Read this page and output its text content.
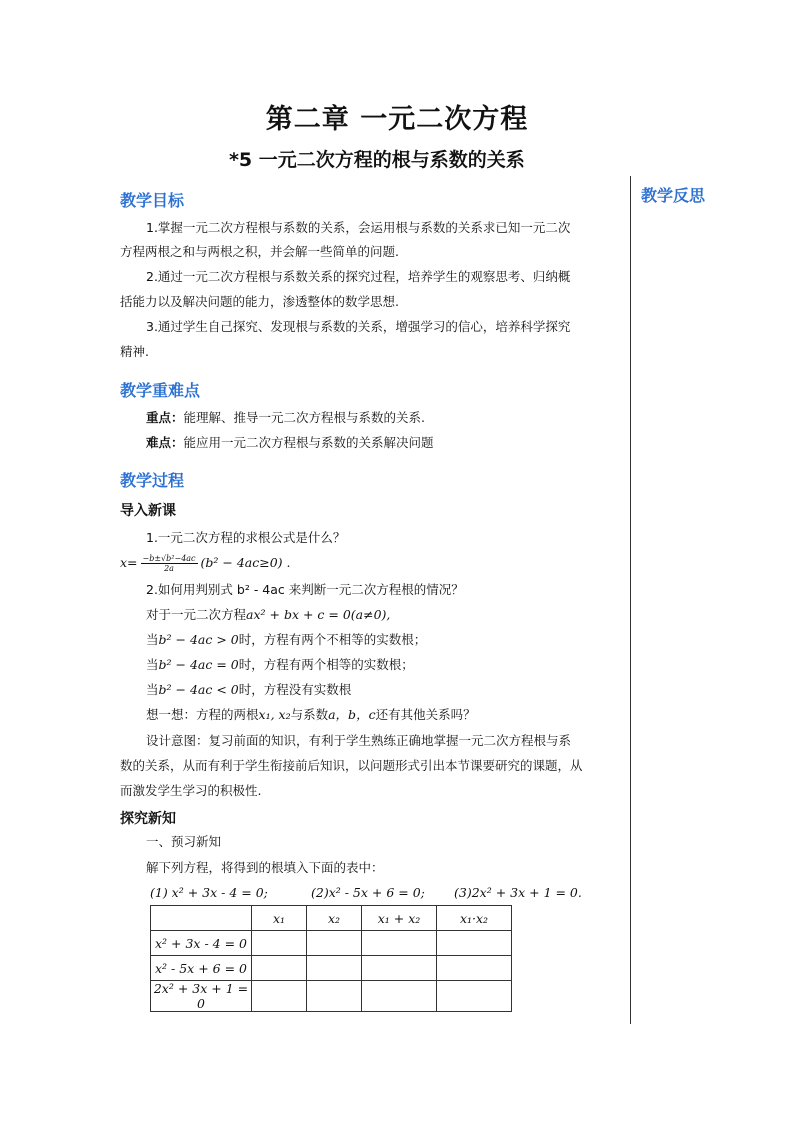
第二章 一元二次方程
*5 一元二次方程的根与系数的关系
教学反思
教学目标
1.掌握一元二次方程根与系数的关系，会运用根与系数的关系求已知一元二次
方程两根之和与两根之积，并会解一些简单的问题.
2.通过一元二次方程根与系数关系的探究过程，培养学生的观察思考、归纳概
括能力以及解决问题的能力，渗透整体的数学思想.
3.通过学生自己探究、发现根与系数的关系，增强学习的信心，培养科学探究
精神.
教学重难点
重点：能理解、推导一元二次方程根与系数的关系.
难点：能应用一元二次方程根与系数的关系解决问题
教学过程
导入新课
1.一元二次方程的求根公式是什么？
$x= \frac{\text{−b±√b²−4ac}}{2a} (b^2 - 4ac\ge 0)$ .
2.如何用判别式 b² - 4ac 来判断一元二次方程根的情况？
对于一元二次方程ax² + bx + c = 0(a≠0),
当b² − 4ac > 0时，方程有两个不相等的实数根；
当b² − 4ac = 0时，方程有两个相等的实数根；
当b² − 4ac < 0时，方程没有实数根
想一想：方程的两根x₁, x₂与系数a，b，c还有其他关系吗？
设计意图：复习前面的知识，有利于学生熟练正确地掌握一元二次方程根与系
数的关系，从而有利于学生衔接前后知识，以问题形式引出本节课要研究的课题，从
而激发学生学习的积极性.
探究新知
一、预习新知
解下列方程，将得到的根填入下面的表中：
(1) x² + 3x - 4 = 0;	(2)x² - 5x + 6 = 0; (3)2x² + 3x + 1 = 0.
	x₁	x₂	x₁ + x₂	x₁·x₂
x² + 3x - 4 = 0				
x² - 5x + 6 = 0				
2x² + 3x + 1 = 0				
